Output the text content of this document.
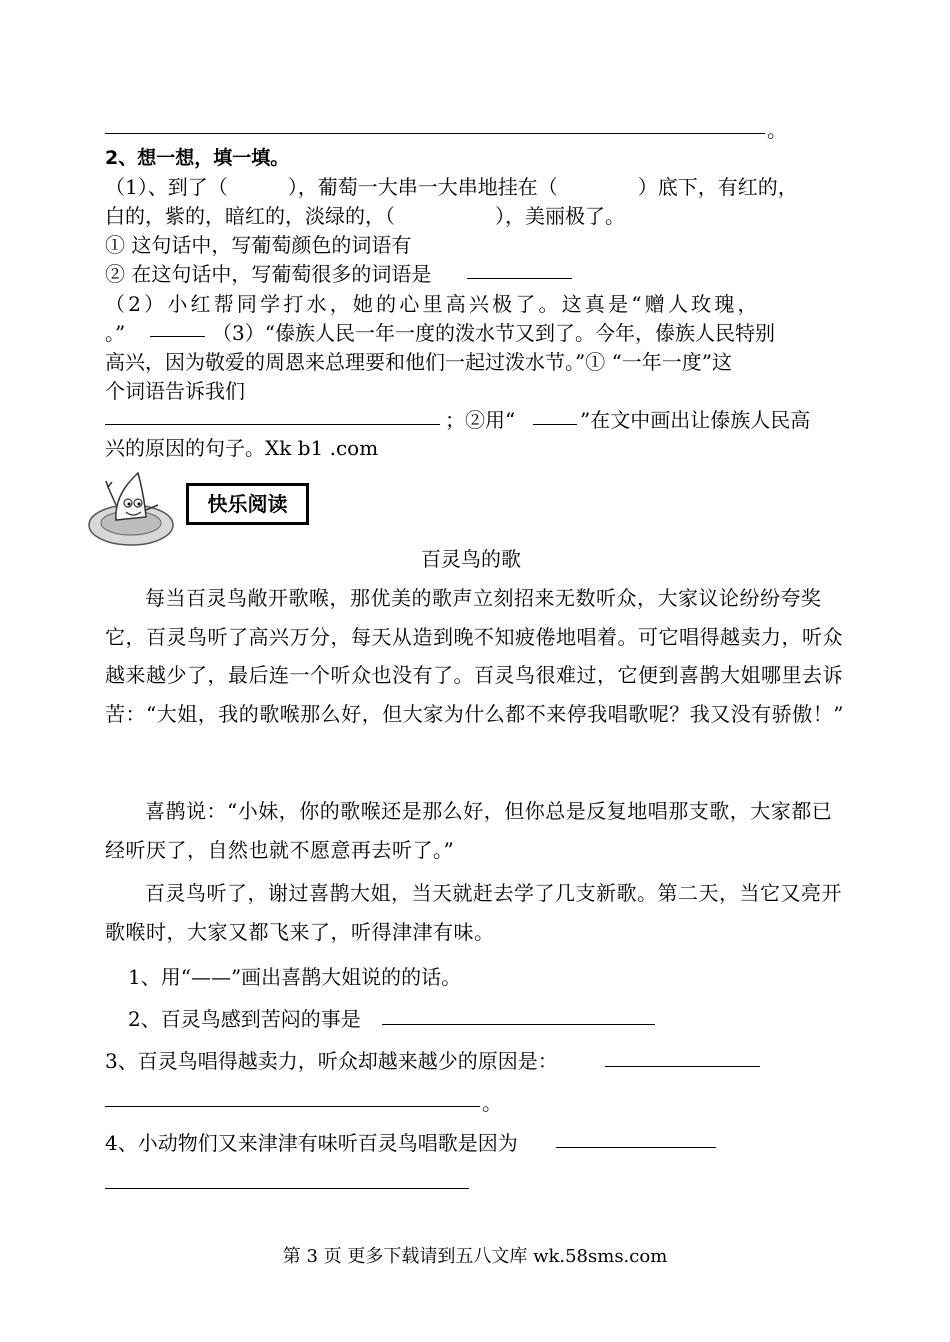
。
2、想一想，填一填。
（1）、到了（　　　），葡萄一大串一大串地挂在（　　　　）底下，有红的，
白的，紫的，暗红的，淡绿的，（　　　　　），美丽极了。
① 这句话中，写葡萄颜色的词语有
② 在这句话中，写葡萄很多的词语是
（2）小红帮同学打水，她的心里高兴极了。这真是“赠人玫瑰，
。”	（3）“傣族人民一年一度的泼水节又到了。今年，傣族人民特别
高兴，因为敬爱的周恩来总理要和他们一起过泼水节。”① “一年一度”这
个词语告诉我们
；②用“	”在文中画出让傣族人民高
兴的原因的句子。Xk b1 .com
快乐阅读
百灵鸟的歌
每当百灵鸟敞开歌喉，那优美的歌声立刻招来无数听众，大家议论纷纷夸奖它，百灵鸟听了高兴万分，每天从造到晚不知疲倦地唱着。可它唱得越卖力，听众越来越少了，最后连一个听众也没有了。百灵鸟很难过，它便到喜鹊大姐哪里去诉苦：“大姐，我的歌喉那么好，但大家为什么都不来停我唱歌呢？我又没有骄傲！”
喜鹊说：“小妹，你的歌喉还是那么好，但你总是反复地唱那支歌，大家都已经听厌了，自然也就不愿意再去听了。”
百灵鸟听了，谢过喜鹊大姐，当天就赶去学了几支新歌。第二天，当它又亮开歌喉时，大家又都飞来了，听得津津有味。
1、用“——”画出喜鹊大姐说的的话。
2、百灵鸟感到苦闷的事是
3、百灵鸟唱得越卖力，听众却越来越少的原因是：
。
4、小动物们又来津津有味听百灵鸟唱歌是因为
第 3 页 更多下载请到五八文库 wk.58sms.com
